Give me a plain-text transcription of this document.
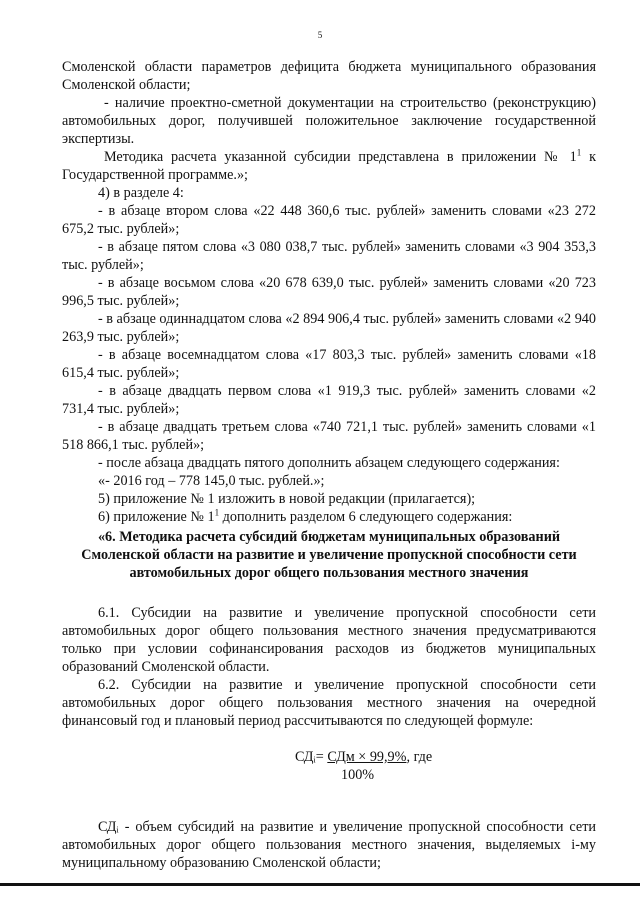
5

Смоленской области параметров дефицита бюджета муниципального образования Смоленской области;

- наличие проектно-сметной документации на строительство (реконструкцию) автомобильных дорог, получившей положительное заключение государственной экспертизы.

Методика расчета указанной субсидии представлена в приложении № $1^1$ к Государственной программе.»;

4) в разделе 4:

- в абзаце втором слова «22 448 360,6 тыс. рублей» заменить словами «23 272 675,2 тыс. рублей»;

- в абзаце пятом слова «3 080 038,7 тыс. рублей» заменить словами «3 904 353,3 тыс. рублей»;

- в абзаце восьмом слова «20 678 639,0 тыс. рублей» заменить словами «20 723 996,5 тыс. рублей»;

- в абзаце одиннадцатом слова «2 894 906,4 тыс. рублей» заменить словами «2 940 263,9 тыс. рублей»;

- в абзаце восемнадцатом слова «17 803,3 тыс. рублей» заменить словами «18 615,4 тыс. рублей»;

- в абзаце двадцать первом слова «1 919,3 тыс. рублей» заменить словами «2 731,4 тыс. рублей»;

- в абзаце двадцать третьем слова «740 721,1 тыс. рублей» заменить словами «1 518 866,1 тыс. рублей»;

- после абзаца двадцать пятого дополнить абзацем следующего содержания:

«- 2016 год – 778 145,0 тыс. рублей.»;

5) приложение № 1 изложить в новой редакции (прилагается);

6) приложение № $1^1$ дополнить разделом 6 следующего содержания:

«6. Методика расчета субсидий бюджетам муниципальных образований

Смоленской области на развитие и увеличение пропускной способности сети

автомобильных дорог общего пользования местного значения

6.1. Субсидии на развитие и увеличение пропускной способности сети автомобильных дорог общего пользования местного значения предусматриваются только при условии софинансирования расходов из бюджетов муниципальных образований Смоленской области.

6.2. Субсидии на развитие и увеличение пропускной способности сети автомобильных дорог общего пользования местного значения на очередной финансовый год и плановый период рассчитываются по следующей формуле:

СДᵢ= СДм × 99,9%, где
100%

СДᵢ - объем субсидий на развитие и увеличение пропускной способности сети автомобильных дорог общего пользования местного значения, выделяемых i-му муниципальному образованию Смоленской области;
